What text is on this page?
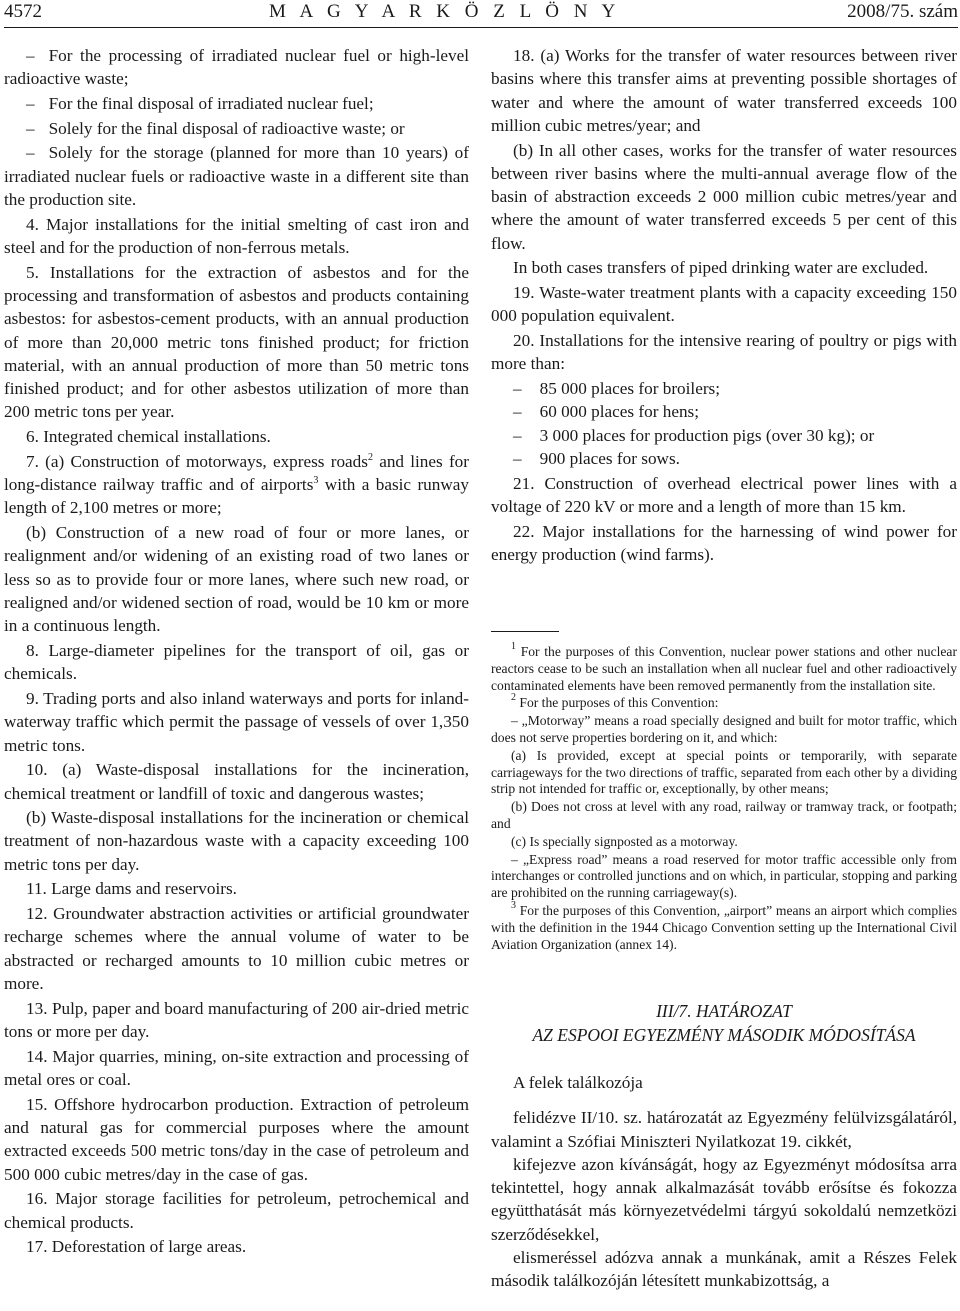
4572	M A G Y A R K Ö Z L Ö N Y	2008/75. szám

– For the processing of irradiated nuclear fuel or high-level radioactive waste;

– For the final disposal of irradiated nuclear fuel;

– Solely for the final disposal of radioactive waste; or

– Solely for the storage (planned for more than 10 years) of irradiated nuclear fuels or radioactive waste in a different site than the production site.

4. Major installations for the initial smelting of cast iron and steel and for the production of non-ferrous metals.

5. Installations for the extraction of asbestos and for the processing and transformation of asbestos and products containing asbestos: for asbestos-cement products, with an annual production of more than 20,000 metric tons finished product; for friction material, with an annual production of more than 50 metric tons finished product; and for other asbestos utilization of more than 200 metric tons per year.

6. Integrated chemical installations.

7. (a) Construction of motorways, express roads$^2$ and lines for long-distance railway traffic and of airports$^3$ with a basic runway length of 2,100 metres or more;

(b) Construction of a new road of four or more lanes, or realignment and/or widening of an existing road of two lanes or less so as to provide four or more lanes, where such new road, or realigned and/or widened section of road, would be 10 km or more in a continuous length.

8. Large-diameter pipelines for the transport of oil, gas or chemicals.

9. Trading ports and also inland waterways and ports for inland-waterway traffic which permit the passage of vessels of over 1,350 metric tons.

10. (a) Waste-disposal installations for the incineration, chemical treatment or landfill of toxic and dangerous wastes;

(b) Waste-disposal installations for the incineration or chemical treatment of non-hazardous waste with a capacity exceeding 100 metric tons per day.

11. Large dams and reservoirs.

12. Groundwater abstraction activities or artificial groundwater recharge schemes where the annual volume of water to be abstracted or recharged amounts to 10 million cubic metres or more.

13. Pulp, paper and board manufacturing of 200 air-dried metric tons or more per day.

14. Major quarries, mining, on-site extraction and processing of metal ores or coal.

15. Offshore hydrocarbon production. Extraction of petroleum and natural gas for commercial purposes where the amount extracted exceeds 500 metric tons/day in the case of petroleum and 500 000 cubic metres/day in the case of gas.

16. Major storage facilities for petroleum, petrochemical and chemical products.

17. Deforestation of large areas.

18. (a) Works for the transfer of water resources between river basins where this transfer aims at preventing possible shortages of water and where the amount of water transferred exceeds 100 million cubic metres/year; and

(b) In all other cases, works for the transfer of water resources between river basins where the multi-annual average flow of the basin of abstraction exceeds 2 000 million cubic metres/year and where the amount of water transferred exceeds 5 per cent of this flow.

In both cases transfers of piped drinking water are excluded.

19. Waste-water treatment plants with a capacity exceeding 150 000 population equivalent.

20. Installations for the intensive rearing of poultry or pigs with more than:

– 85 000 places for broilers;

– 60 000 places for hens;

– 3 000 places for production pigs (over 30 kg); or

– 900 places for sows.

21. Construction of overhead electrical power lines with a voltage of 220 kV or more and a length of more than 15 km.

22. Major installations for the harnessing of wind power for energy production (wind farms).

$^1$ For the purposes of this Convention, nuclear power stations and other nuclear reactors cease to be such an installation when all nuclear fuel and other radioactively contaminated elements have been removed permanently from the installation site.

$^2$ For the purposes of this Convention:

– „Motorway” means a road specially designed and built for motor traffic, which does not serve properties bordering on it, and which:

(a) Is provided, except at special points or temporarily, with separate carriageways for the two directions of traffic, separated from each other by a dividing strip not intended for traffic or, exceptionally, by other means;

(b) Does not cross at level with any road, railway or tramway track, or footpath; and

(c) Is specially signposted as a motorway.

– „Express road” means a road reserved for motor traffic accessible only from interchanges or controlled junctions and on which, in particular, stopping and parking are prohibited on the running carriageway(s).

$^3$ For the purposes of this Convention, „airport” means an airport which complies with the definition in the 1944 Chicago Convention setting up the International Civil Aviation Organization (annex 14).

III/7. HATÁROZAT
AZ ESPOOI EGYEZMÉNY MÁSODIK MÓDOSÍTÁSA

A felek találkozója

felidézve II/10. sz. határozatát az Egyezmény felülvizsgálatáról, valamint a Szófiai Miniszteri Nyilatkozat 19. cikkét,

kifejezve azon kívánságát, hogy az Egyezményt módosítsa arra tekintettel, hogy annak alkalmazását tovább erősítse és fokozza együtthatását más környezetvédelmi tárgyú sokoldalú nemzetközi szerződésekkel,

elismeréssel adózva annak a munkának, amit a Részes Felek második találkozóján létesített munkabizottság, a
